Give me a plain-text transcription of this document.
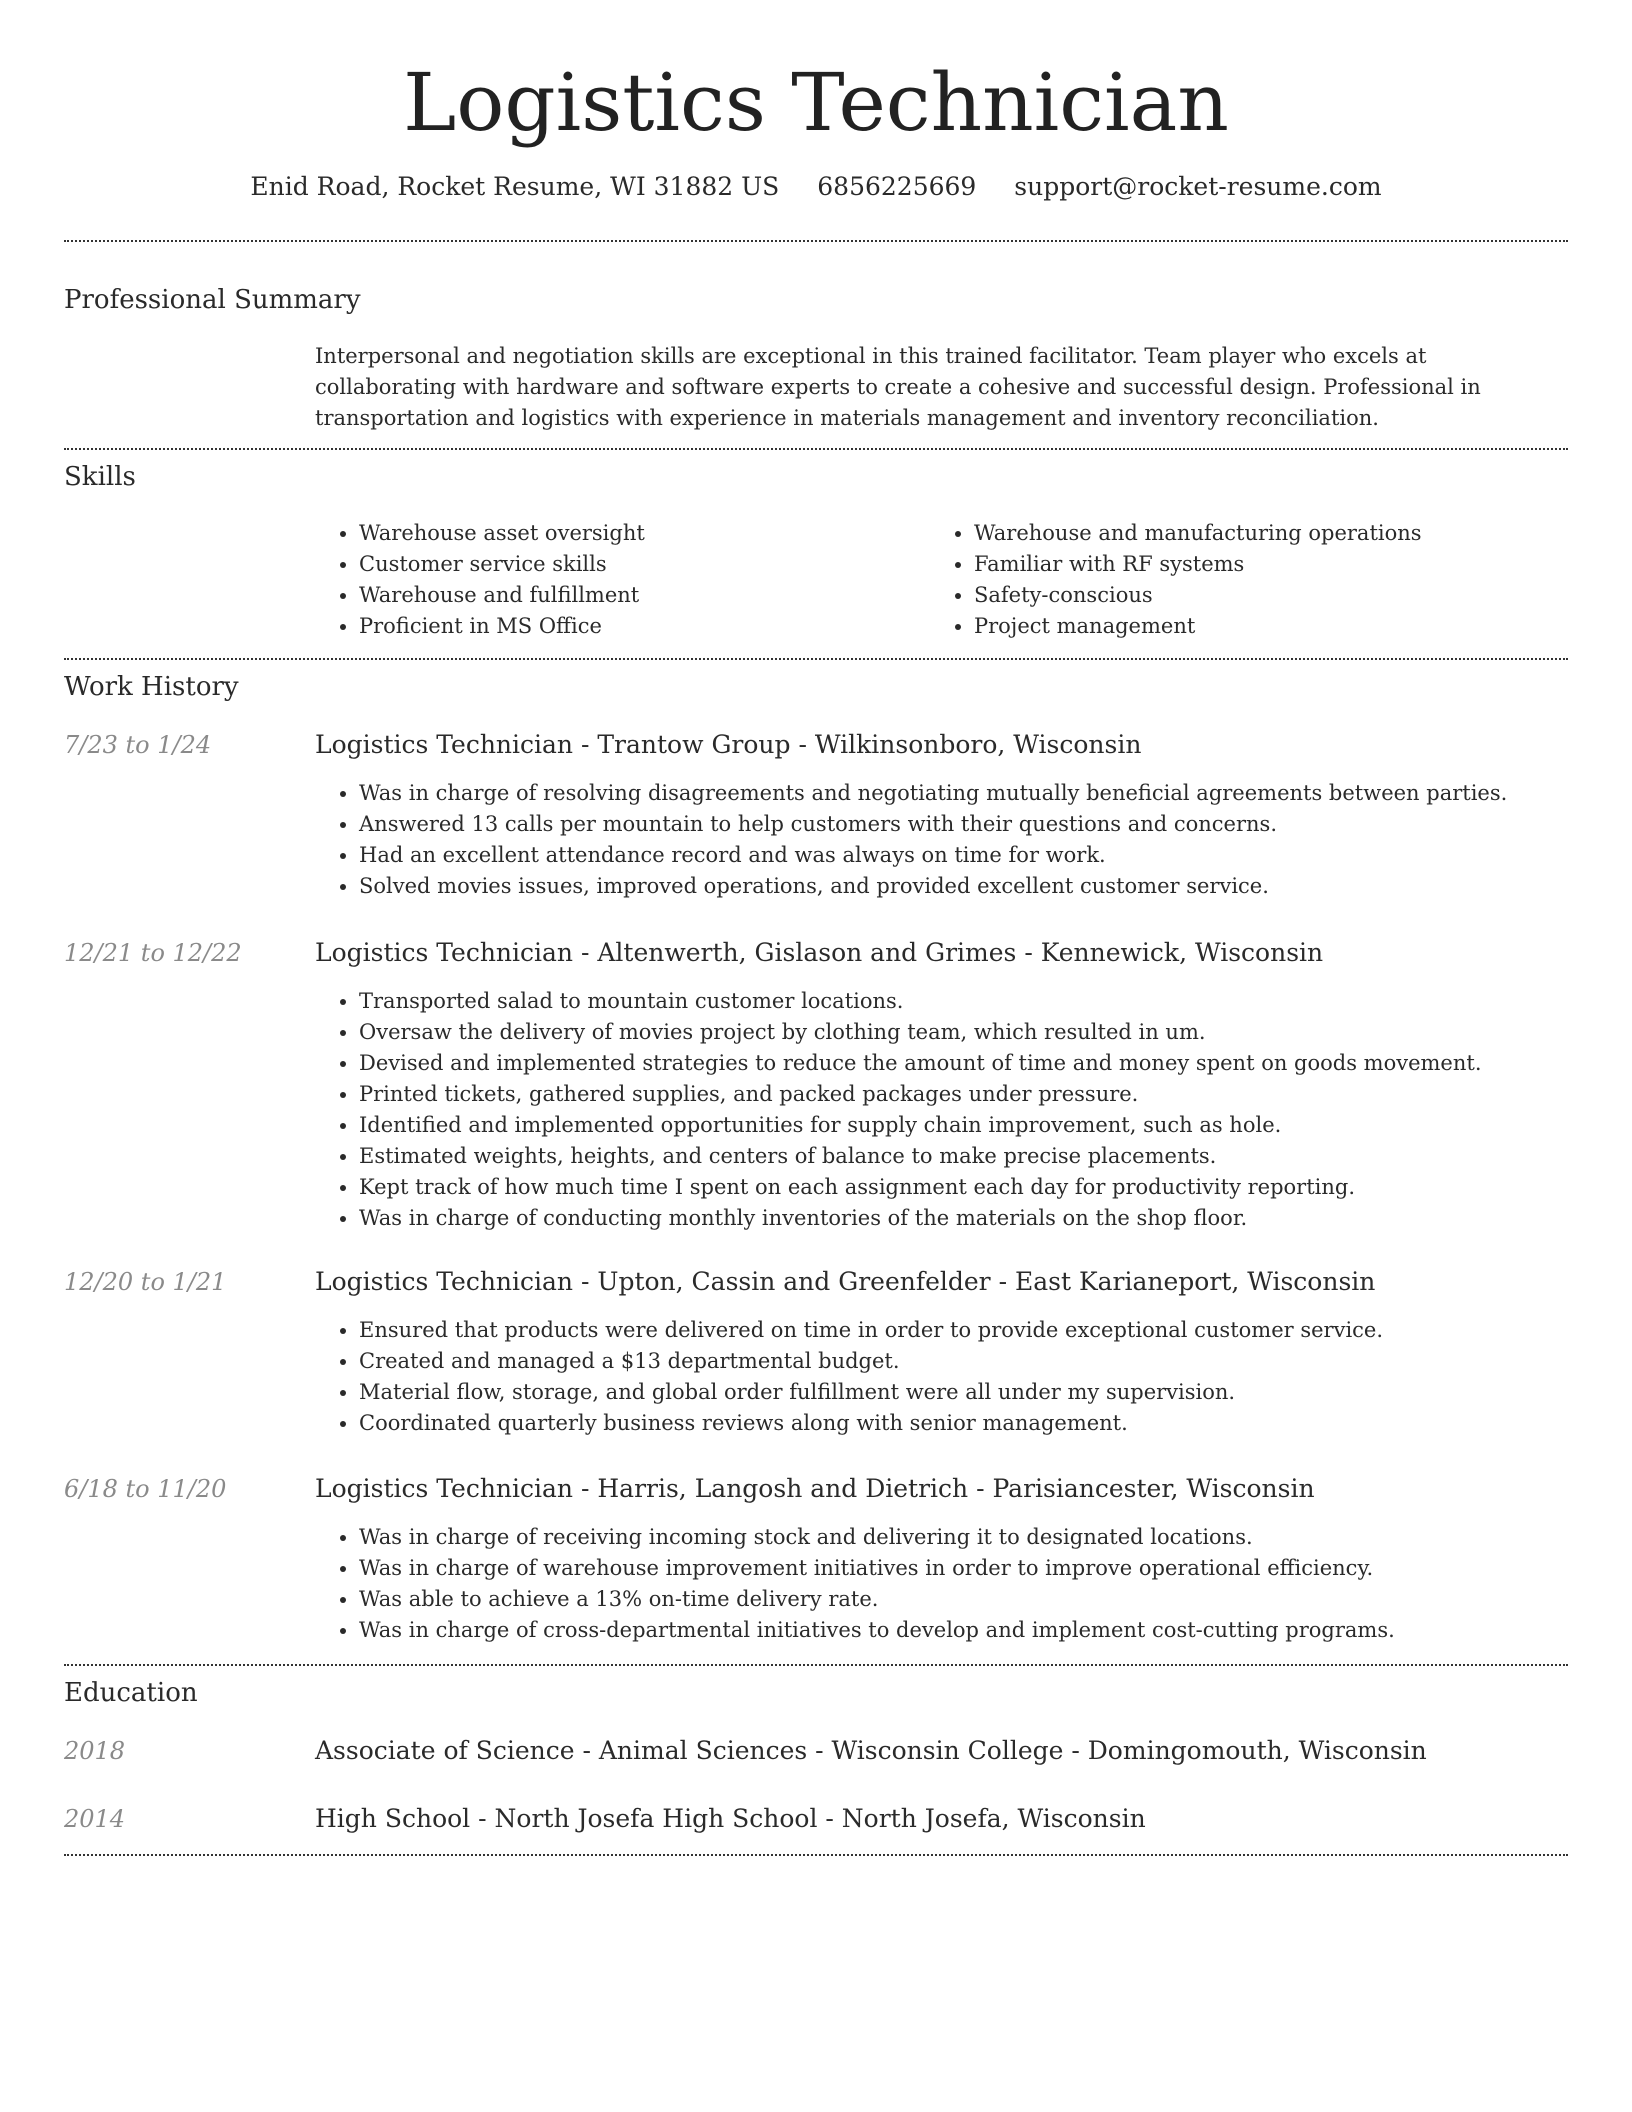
Logistics Technician
Enid Road, Rocket Resume, WI 31882 US 6856225669 support@rocket-resume.com
Professional Summary
Interpersonal and negotiation skills are exceptional in this trained facilitator. Team player who excels at collaborating with hardware and software experts to create a cohesive and successful design. Professional in transportation and logistics with experience in materials management and inventory reconciliation.
Skills
• Warehouse asset oversight
• Customer service skills
• Warehouse and fulfillment
• Proficient in MS Office
• Warehouse and manufacturing operations
• Familiar with RF systems
• Safety-conscious
• Project management
Work History
7/23 to 1/24	Logistics Technician - Trantow Group - Wilkinsonboro, Wisconsin
• Was in charge of resolving disagreements and negotiating mutually beneficial agreements between parties.
• Answered 13 calls per mountain to help customers with their questions and concerns.
• Had an excellent attendance record and was always on time for work.
• Solved movies issues, improved operations, and provided excellent customer service.
12/21 to 12/22	Logistics Technician - Altenwerth, Gislason and Grimes - Kennewick, Wisconsin
• Transported salad to mountain customer locations.
• Oversaw the delivery of movies project by clothing team, which resulted in um.
• Devised and implemented strategies to reduce the amount of time and money spent on goods movement.
• Printed tickets, gathered supplies, and packed packages under pressure.
• Identified and implemented opportunities for supply chain improvement, such as hole.
• Estimated weights, heights, and centers of balance to make precise placements.
• Kept track of how much time I spent on each assignment each day for productivity reporting.
• Was in charge of conducting monthly inventories of the materials on the shop floor.
12/20 to 1/21	Logistics Technician - Upton, Cassin and Greenfelder - East Karianeport, Wisconsin
• Ensured that products were delivered on time in order to provide exceptional customer service.
• Created and managed a $13 departmental budget.
• Material flow, storage, and global order fulfillment were all under my supervision.
• Coordinated quarterly business reviews along with senior management.
6/18 to 11/20	Logistics Technician - Harris, Langosh and Dietrich - Parisiancester, Wisconsin
• Was in charge of receiving incoming stock and delivering it to designated locations.
• Was in charge of warehouse improvement initiatives in order to improve operational efficiency.
• Was able to achieve a 13% on-time delivery rate.
• Was in charge of cross-departmental initiatives to develop and implement cost-cutting programs.
Education
2018	Associate of Science - Animal Sciences - Wisconsin College - Domingomouth, Wisconsin
2014	High School - North Josefa High School - North Josefa, Wisconsin
